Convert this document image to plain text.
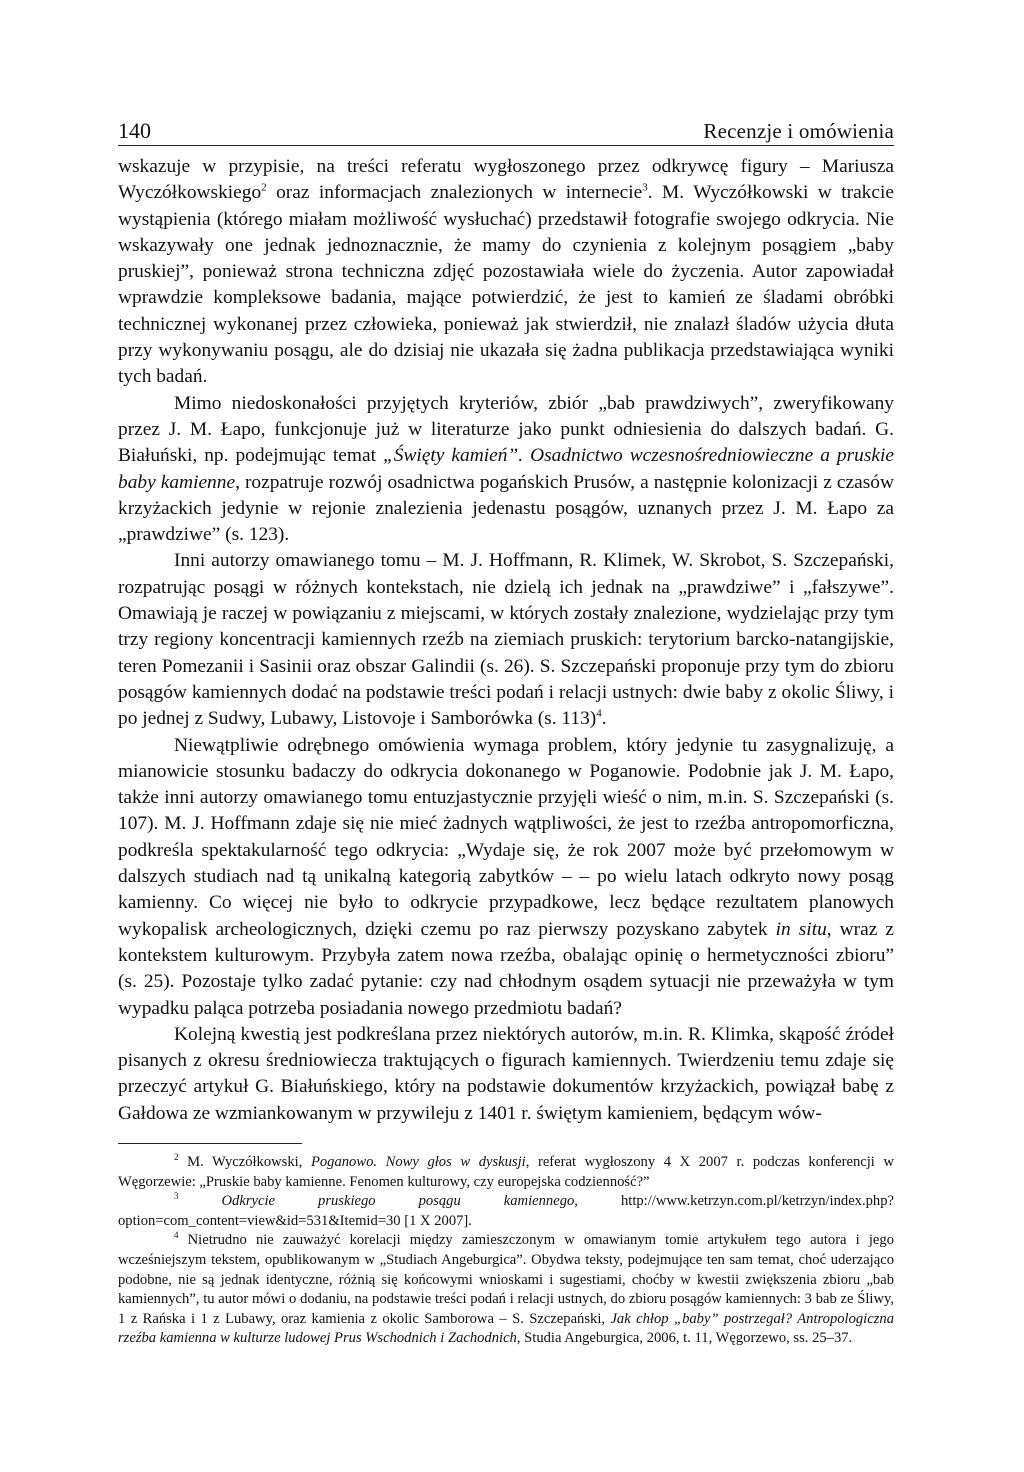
140	Recenzje i omówienia

wskazuje w przypisie, na treści referatu wygłoszonego przez odkrywcę figury – Mariusza Wyczółkowskiego$^2$ oraz informacjach znalezionych w internecie$^3$. M. Wyczółkowski w trakcie wystąpienia (którego miałam możliwość wysłuchać) przedstawił fotografie swojego odkrycia. Nie wskazywały one jednak jednoznacznie, że mamy do czynienia z kolejnym posągiem „baby pruskiej”, ponieważ strona techniczna zdjęć pozostawiała wiele do życzenia. Autor zapowiadał wprawdzie kompleksowe badania, mające potwierdzić, że jest to kamień ze śladami obróbki technicznej wykonanej przez człowieka, ponieważ jak stwierdził, nie znalazł śladów użycia dłuta przy wykonywaniu posągu, ale do dzisiaj nie ukazała się żadna publikacja przedstawiająca wyniki tych badań.

Mimo niedoskonałości przyjętych kryteriów, zbiór „bab prawdziwych”, zweryfikowany przez J. M. Łapo, funkcjonuje już w literaturze jako punkt odniesienia do dalszych badań. G. Białuński, np. podejmując temat „Święty kamień”. Osadnictwo wczesnośredniowieczne a pruskie baby kamienne, rozpatruje rozwój osadnictwa pogańskich Prusów, a następnie kolonizacji z czasów krzyżackich jedynie w rejonie znalezienia jedenastu posągów, uznanych przez J. M. Łapo za „prawdziwe” (s. 123).

Inni autorzy omawianego tomu – M. J. Hoffmann, R. Klimek, W. Skrobot, S. Szczepański, rozpatrując posągi w różnych kontekstach, nie dzielą ich jednak na „prawdziwe” i „fałszywe”. Omawiają je raczej w powiązaniu z miejscami, w których zostały znalezione, wydzielając przy tym trzy regiony koncentracji kamiennych rzeźb na ziemiach pruskich: terytorium barcko-natangijskie, teren Pomezanii i Sasinii oraz obszar Galindii (s. 26). S. Szczepański proponuje przy tym do zbioru posągów kamiennych dodać na podstawie treści podań i relacji ustnych: dwie baby z okolic Śliwy, i po jednej z Sudwy, Lubawy, Listovoje i Samborówka (s. 113)$^4$.

Niewątpliwie odrębnego omówienia wymaga problem, który jedynie tu zasygnalizuję, a mianowicie stosunku badaczy do odkrycia dokonanego w Poganowie. Podobnie jak J. M. Łapo, także inni autorzy omawianego tomu entuzjastycznie przyjęli wieść o nim, m.in. S. Szczepański (s. 107). M. J. Hoffmann zdaje się nie mieć żadnych wątpliwości, że jest to rzeźba antropomorficzna, podkreśla spektakularność tego odkrycia: „Wydaje się, że rok 2007 może być przełomowym w dalszych studiach nad tą unikalną kategorią zabytków – – po wielu latach odkryto nowy posąg kamienny. Co więcej nie było to odkrycie przypadkowe, lecz będące rezultatem planowych wykopalisk archeologicznych, dzięki czemu po raz pierwszy pozyskano zabytek in situ, wraz z kontekstem kulturowym. Przybyła zatem nowa rzeźba, obalając opinię o hermetyczności zbioru” (s. 25). Pozostaje tylko zadać pytanie: czy nad chłodnym osądem sytuacji nie przeważyła w tym wypadku paląca potrzeba posiadania nowego przedmiotu badań?

Kolejną kwestią jest podkreślana przez niektórych autorów, m.in. R. Klimka, skąpość źródeł pisanych z okresu średniowiecza traktujących o figurach kamiennych. Twierdzeniu temu zdaje się przeczyć artykuł G. Białuńskiego, który na podstawie dokumentów krzyżackich, powiązał babę z Gałdowa ze wzmiankowanym w przywileju z 1401 r. świętym kamieniem, będącym wów-

$^2$ M. Wyczółkowski, Poganowo. Nowy głos w dyskusji, referat wygłoszony 4 X 2007 r. podczas konferencji w Węgorzewie: „Pruskie baby kamienne. Fenomen kulturowy, czy europejska codzienność?”

$^3$ Odkrycie pruskiego posągu kamiennego, http://www.ketrzyn.com.pl/ketrzyn/index.php?option=com_content=view&id=531&Itemid=30 [1 X 2007].

$^4$ Nietrudno nie zauważyć korelacji między zamieszczonym w omawianym tomie artykułem tego autora i jego wcześniejszym tekstem, opublikowanym w „Studiach Angeburgica”. Obydwa teksty, podejmujące ten sam temat, choć uderzająco podobne, nie są jednak identyczne, różnią się końcowymi wnioskami i sugestiami, choćby w kwestii zwiększenia zbioru „bab kamiennych”, tu autor mówi o dodaniu, na podstawie treści podań i relacji ustnych, do zbioru posągów kamiennych: 3 bab ze Śliwy, 1 z Rańska i 1 z Lubawy, oraz kamienia z okolic Samborowa – S. Szczepański, Jak chłop „baby” postrzegał? Antropologiczna rzeźba kamienna w kulturze ludowej Prus Wschodnich i Zachodnich, Studia Angeburgica, 2006, t. 11, Węgorzewo, ss. 25–37.
